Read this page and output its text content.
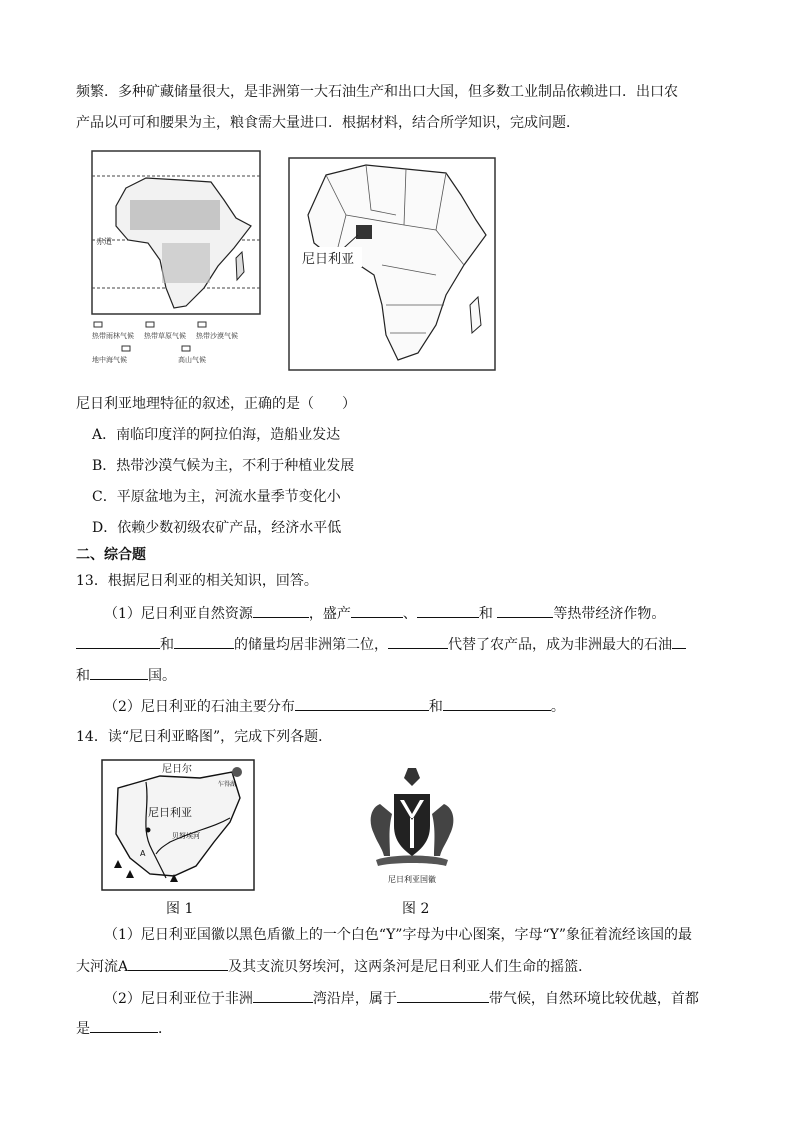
频繁．多种矿藏储量很大，是非洲第一大石油生产和出口大国，但多数工业制品依赖进口．出口农
产品以可可和腰果为主，粮食需大量进口．根据材料，结合所学知识，完成问题．
赤道
热带雨林气候 热带草原气候 热带沙漠气候
地中海气候	高山气候
尼日利亚
尼日利亚地理特征的叙述，正确的是（　　）
A．南临印度洋的阿拉伯海，造船业发达
B．热带沙漠气候为主，不利于种植业发展
C．平原盆地为主，河流水量季节变化小
D．依赖少数初级农矿产品，经济水平低
二、综合题
13．根据尼日利亚的相关知识，回答。
（1）尼日利亚自然资源	，盛产	、	和	等热带经济作物。
和	的储量均居非洲第二位，	代替了农产品，成为非洲最大的石油
和	国。
（2）尼日利亚的石油主要分布	和	。
14．读“尼日利亚略图”，完成下列各题．
尼日尔
尼日利亚
乍得湖
贝努埃河
A
尼日利亚国徽
图 1	图 2
（1）尼日利亚国徽以黑色盾徽上的一个白色“Y”字母为中心图案，字母“Y”象征着流经该国的最
大河流A	及其支流贝努埃河，这两条河是尼日利亚人们生命的摇篮．
（2）尼日利亚位于非洲	湾沿岸，属于	带气候，自然环境比较优越，首都
是	．
